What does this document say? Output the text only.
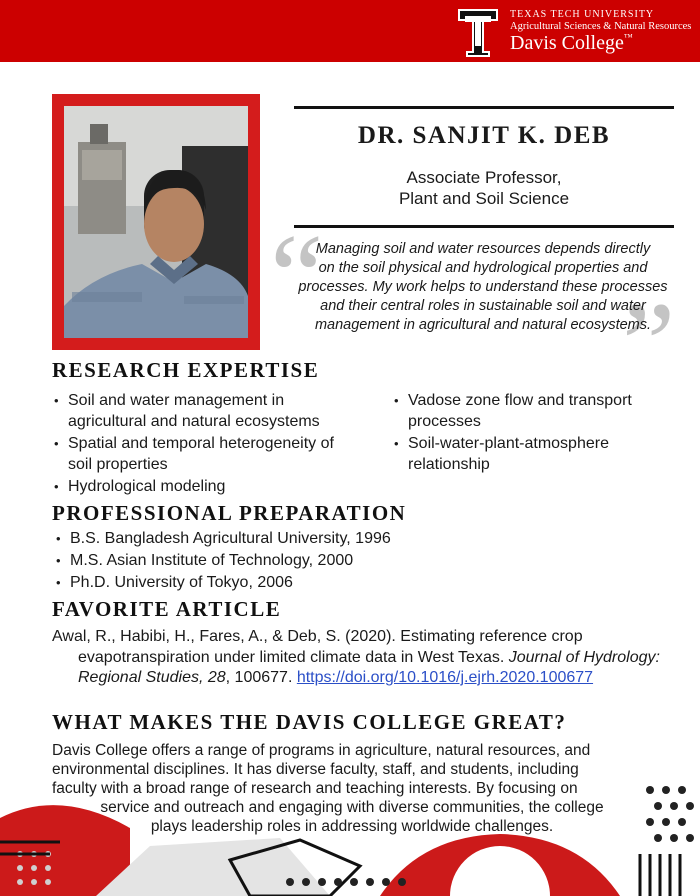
TEXAS TECH UNIVERSITY
Agricultural Sciences & Natural Resources
Davis College™
DR. SANJIT K. DEB
Associate Professor,
Plant and Soil Science
“
”
Managing soil and water resources depends directly
on the soil physical and hydrological properties and
processes. My work helps to understand these processes
and their central roles in sustainable soil and water
management in agricultural and natural ecosystems.
RESEARCH EXPERTISE
• Soil and water management in
agricultural and natural ecosystems
• Spatial and temporal heterogeneity of
soil properties
• Hydrological modeling
• Vadose zone flow and transport
processes
• Soil-water-plant-atmosphere
relationship
PROFESSIONAL PREPARATION
• B.S. Bangladesh Agricultural University, 1996
• M.S. Asian Institute of Technology, 2000
• Ph.D. University of Tokyo, 2006
FAVORITE ARTICLE
Awal, R., Habibi, H., Fares, A., & Deb, S. (2020). Estimating reference crop evapotranspiration under limited climate data in West Texas. Journal of Hydrology: Regional Studies, 28, 100677. https://doi.org/10.1016/j.ejrh.2020.100677
WHAT MAKES THE DAVIS COLLEGE GREAT?
Davis College offers a range of programs in agriculture, natural resources, and
environmental disciplines. It has diverse faculty, staff, and students, including
faculty with a broad range of research and teaching interests. By focusing on
service and outreach and engaging with diverse communities, the college
plays leadership roles in addressing worldwide challenges.
